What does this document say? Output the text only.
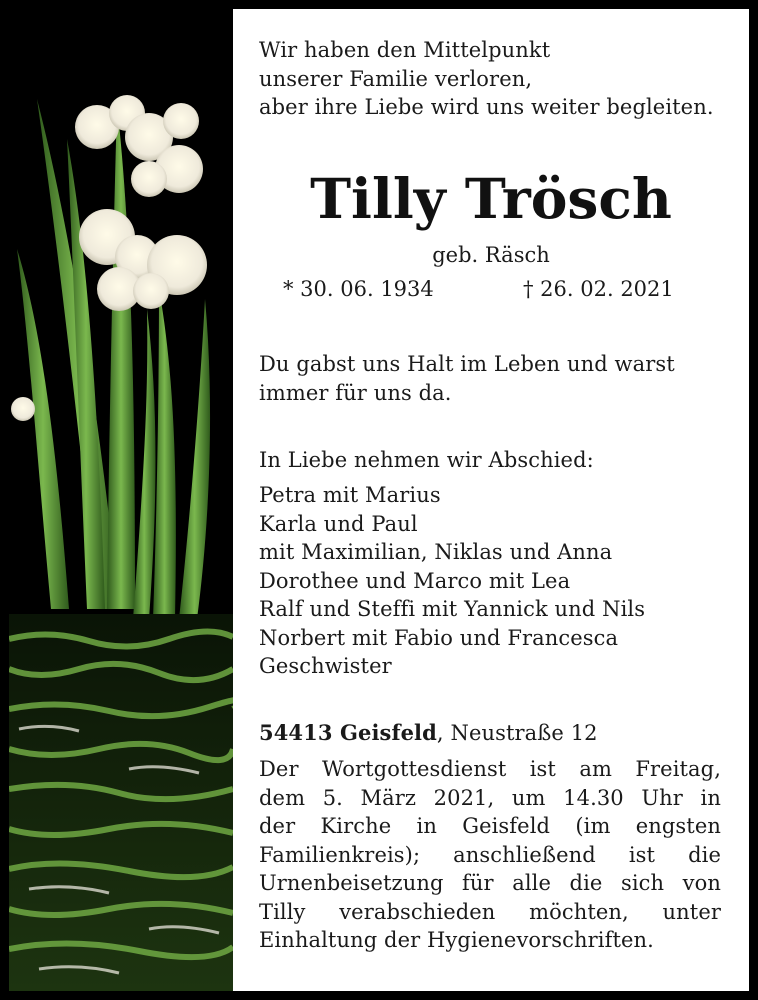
Wir haben den Mittelpunkt
unserer Familie verloren,
aber ihre Liebe wird uns weiter begleiten.
Tilly Trösch
geb. Räsch
* 30. 06. 1934	† 26. 02. 2021
Du gabst uns Halt im Leben und warst
immer für uns da.
In Liebe nehmen wir Abschied:
Petra mit Marius
Karla und Paul
mit Maximilian, Niklas und Anna
Dorothee und Marco mit Lea
Ralf und Steffi mit Yannick und Nils
Norbert mit Fabio und Francesca
Geschwister
54413 Geisfeld, Neustraße 12
Der Wortgottesdienst ist am Freitag,
dem 5. März 2021, um 14.30 Uhr in
der Kirche in Geisfeld (im engsten
Familienkreis); anschließend ist die
Urnenbeisetzung für alle die sich von
Tilly verabschieden möchten, unter
Einhaltung der Hygienevorschriften.
